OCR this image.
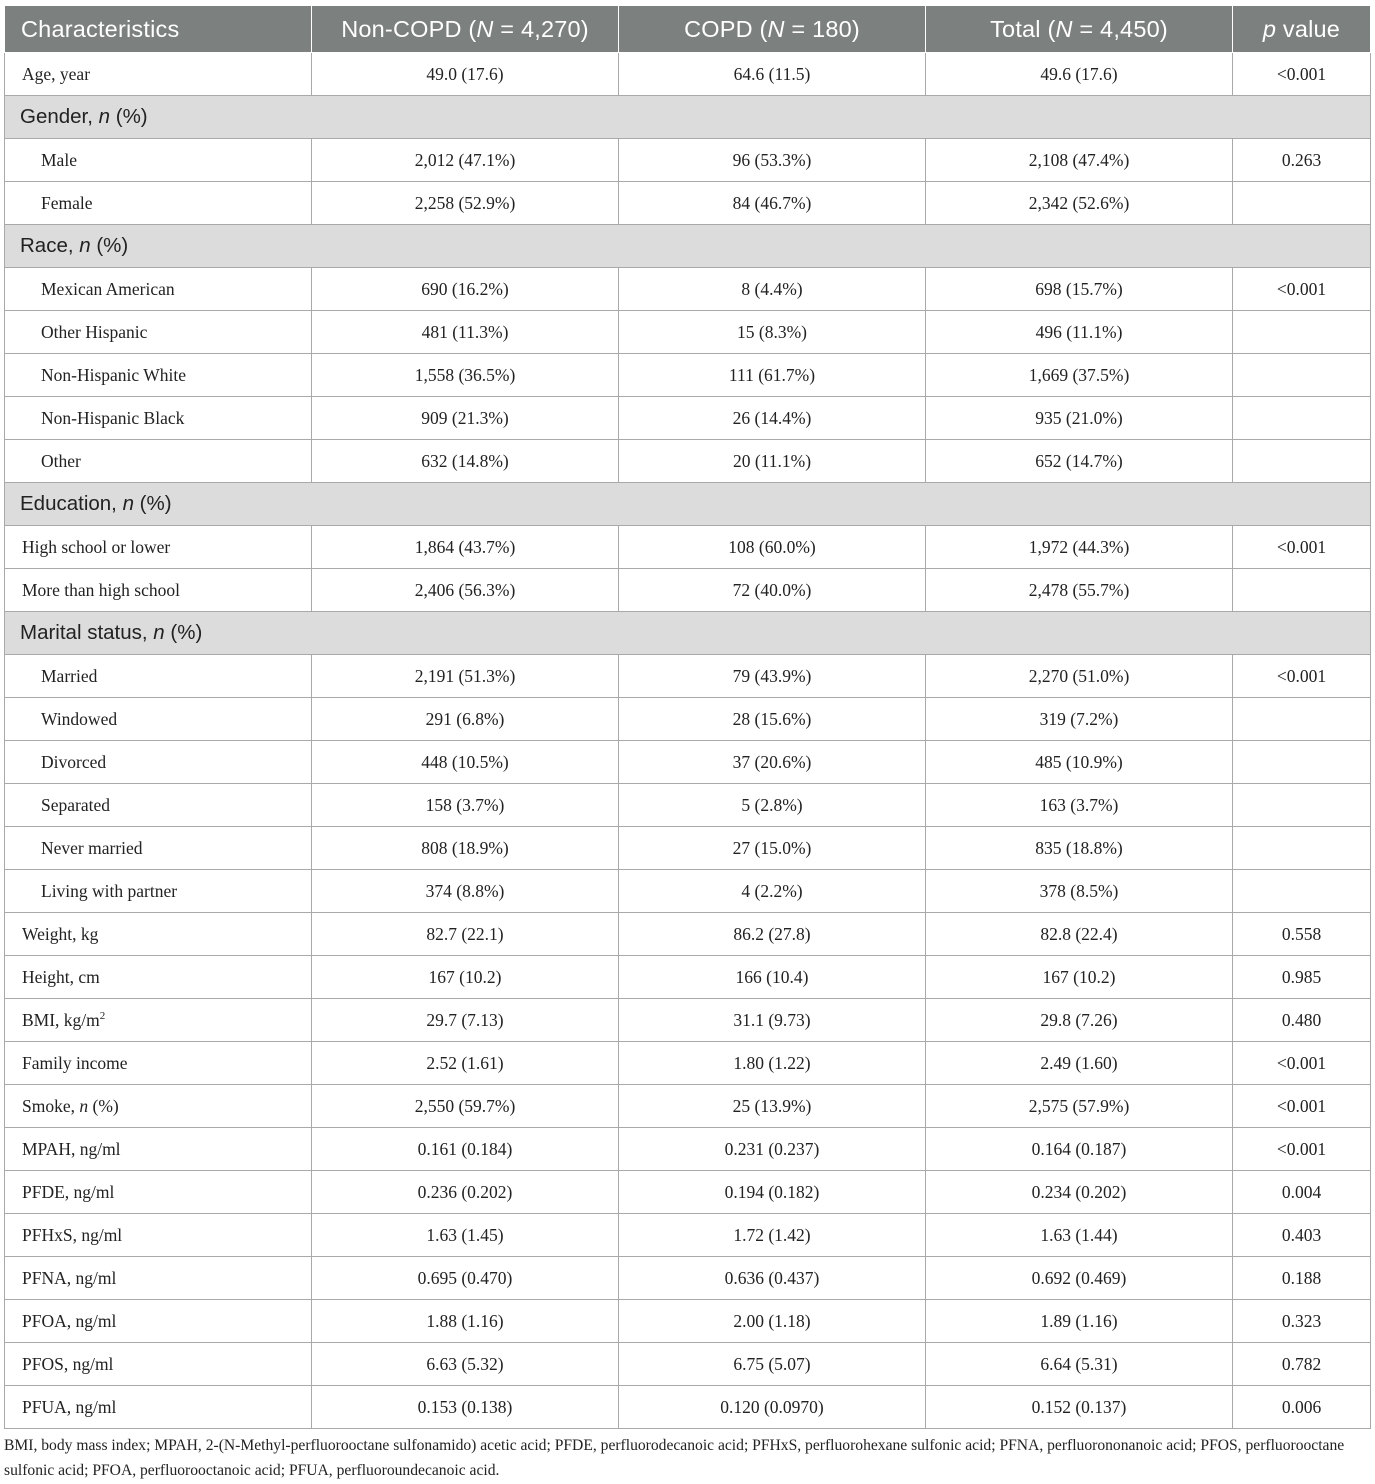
Characteristics	Non-COPD (N = 4,270)	COPD (N = 180)	Total (N = 4,450)	p value
Age, year	49.0 (17.6)	64.6 (11.5)	49.6 (17.6)	<0.001
Gender, n (%)				
Male	2,012 (47.1%)	96 (53.3%)	2,108 (47.4%)	0.263
Female	2,258 (52.9%)	84 (46.7%)	2,342 (52.6%)	
Race, n (%)				
Mexican American	690 (16.2%)	8 (4.4%)	698 (15.7%)	<0.001
Other Hispanic	481 (11.3%)	15 (8.3%)	496 (11.1%)	
Non-Hispanic White	1,558 (36.5%)	111 (61.7%)	1,669 (37.5%)	
Non-Hispanic Black	909 (21.3%)	26 (14.4%)	935 (21.0%)	
Other	632 (14.8%)	20 (11.1%)	652 (14.7%)	
Education, n (%)				
High school or lower	1,864 (43.7%)	108 (60.0%)	1,972 (44.3%)	<0.001
More than high school	2,406 (56.3%)	72 (40.0%)	2,478 (55.7%)	
Marital status, n (%)				
Married	2,191 (51.3%)	79 (43.9%)	2,270 (51.0%)	<0.001
Windowed	291 (6.8%)	28 (15.6%)	319 (7.2%)	
Divorced	448 (10.5%)	37 (20.6%)	485 (10.9%)	
Separated	158 (3.7%)	5 (2.8%)	163 (3.7%)	
Never married	808 (18.9%)	27 (15.0%)	835 (18.8%)	
Living with partner	374 (8.8%)	4 (2.2%)	378 (8.5%)	
Weight, kg	82.7 (22.1)	86.2 (27.8)	82.8 (22.4)	0.558
Height, cm	167 (10.2)	166 (10.4)	167 (10.2)	0.985
BMI, $kg/m^2$	29.7 (7.13)	31.1 (9.73)	29.8 (7.26)	0.480
Family income	2.52 (1.61)	1.80 (1.22)	2.49 (1.60)	<0.001
Smoke, n (%)	2,550 (59.7%)	25 (13.9%)	2,575 (57.9%)	<0.001
MPAH, ng/ml	0.161 (0.184)	0.231 (0.237)	0.164 (0.187)	<0.001
PFDE, ng/ml	0.236 (0.202)	0.194 (0.182)	0.234 (0.202)	0.004
PFHxS, ng/ml	1.63 (1.45)	1.72 (1.42)	1.63 (1.44)	0.403
PFNA, ng/ml	0.695 (0.470)	0.636 (0.437)	0.692 (0.469)	0.188
PFOA, ng/ml	1.88 (1.16)	2.00 (1.18)	1.89 (1.16)	0.323
PFOS, ng/ml	6.63 (5.32)	6.75 (5.07)	6.64 (5.31)	0.782
PFUA, ng/ml	0.153 (0.138)	0.120 (0.0970)	0.152 (0.137)	0.006
BMI, body mass index; MPAH, 2-(N-Methyl-perfluorooctane sulfonamido) acetic acid; PFDE, perfluorodecanoic acid; PFHxS, perfluorohexane sulfonic acid; PFNA, perfluorononanoic acid; PFOS, perfluorooctane sulfonic acid; PFOA, perfluorooctanoic acid; PFUA, perfluoroundecanoic acid.
